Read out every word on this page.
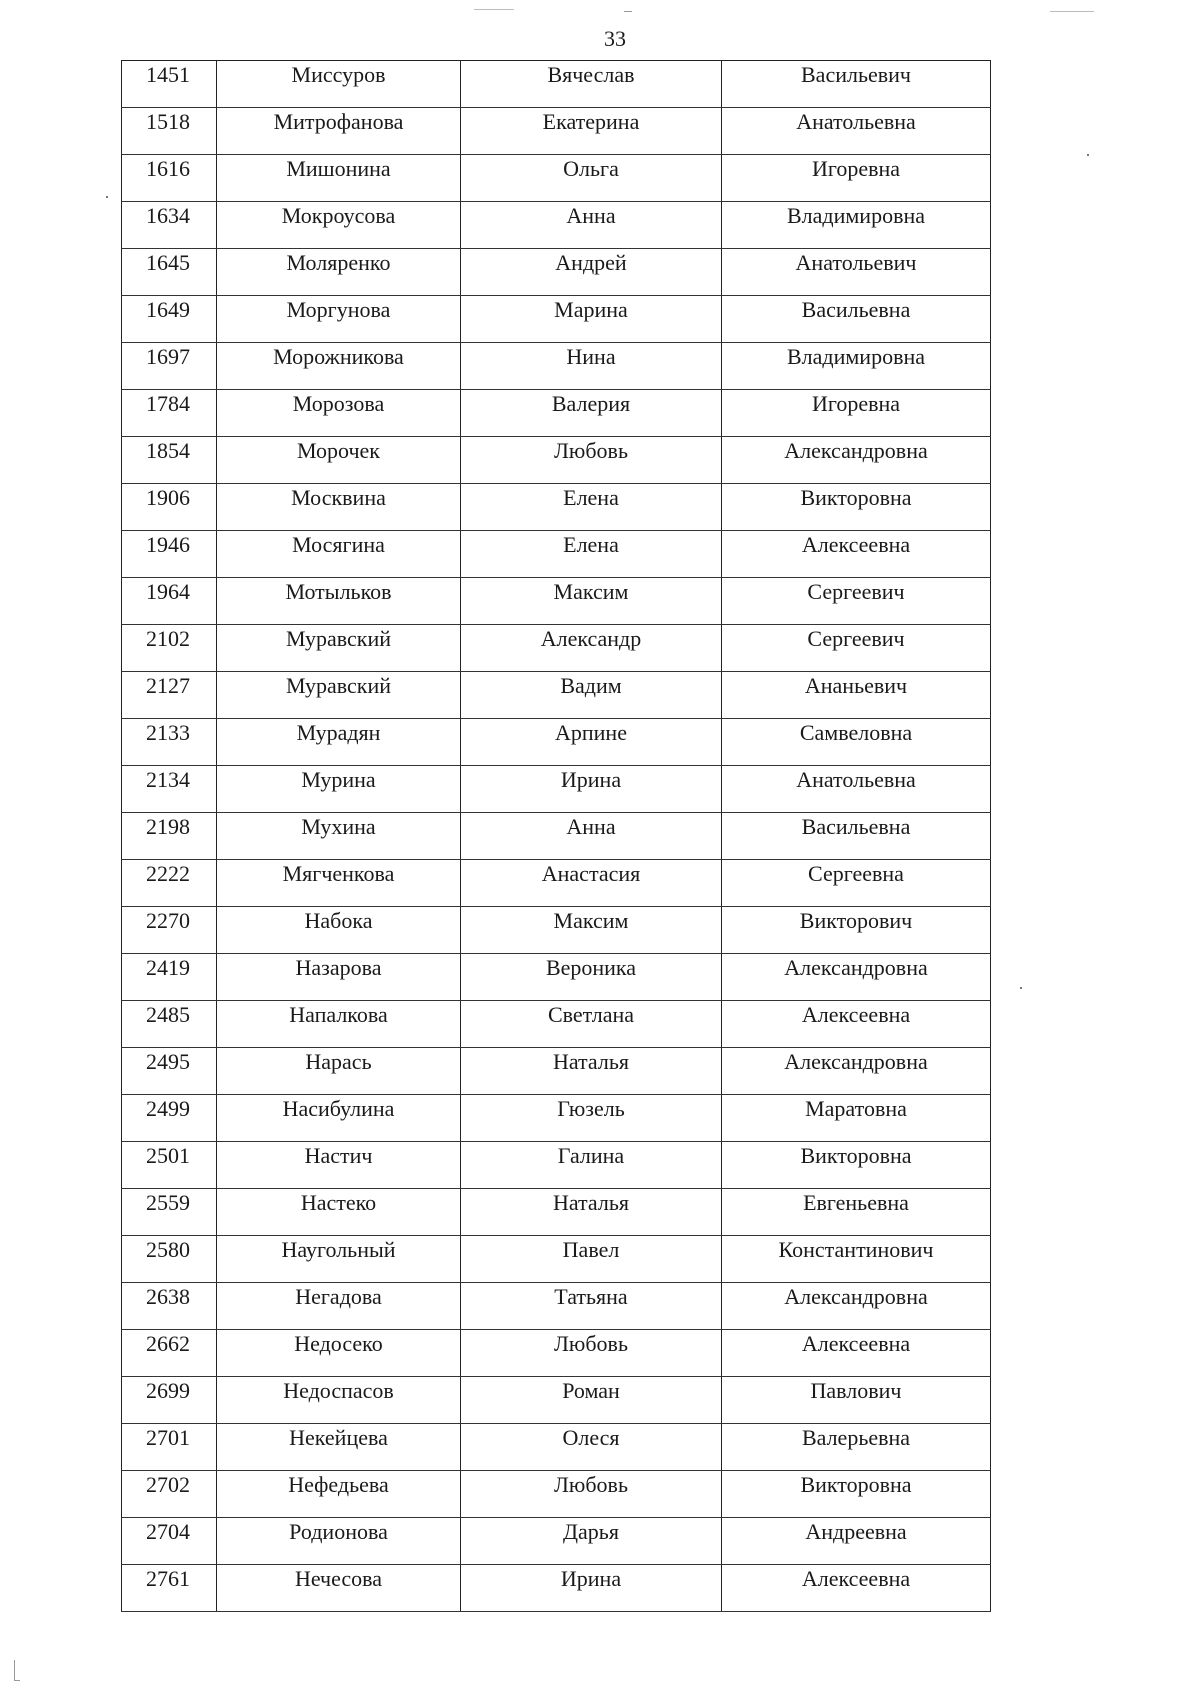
33
1451	Миссуров	Вячеслав	Васильевич
1518	Митрофанова	Екатерина	Анатольевна
1616	Мишонина	Ольга	Игоревна
1634	Мокроусова	Анна	Владимировна
1645	Моляренко	Андрей	Анатольевич
1649	Моргунова	Марина	Васильевна
1697	Морожникова	Нина	Владимировна
1784	Морозова	Валерия	Игоревна
1854	Морочек	Любовь	Александровна
1906	Москвина	Елена	Викторовна
1946	Мосягина	Елена	Алексеевна
1964	Мотыльков	Максим	Сергеевич
2102	Муравский	Александр	Сергеевич
2127	Муравский	Вадим	Ананьевич
2133	Мурадян	Арпине	Самвеловна
2134	Мурина	Ирина	Анатольевна
2198	Мухина	Анна	Васильевна
2222	Мягченкова	Анастасия	Сергеевна
2270	Набока	Максим	Викторович
2419	Назарова	Вероника	Александровна
2485	Напалкова	Светлана	Алексеевна
2495	Нарась	Наталья	Александровна
2499	Насибулина	Гюзель	Маратовна
2501	Настич	Галина	Викторовна
2559	Настеко	Наталья	Евгеньевна
2580	Наугольный	Павел	Константинович
2638	Негадова	Татьяна	Александровна
2662	Недосеко	Любовь	Алексеевна
2699	Недоспасов	Роман	Павлович
2701	Некейцева	Олеся	Валерьевна
2702	Нефедьева	Любовь	Викторовна
2704	Родионова	Дарья	Андреевна
2761	Нечесова	Ирина	Алексеевна
